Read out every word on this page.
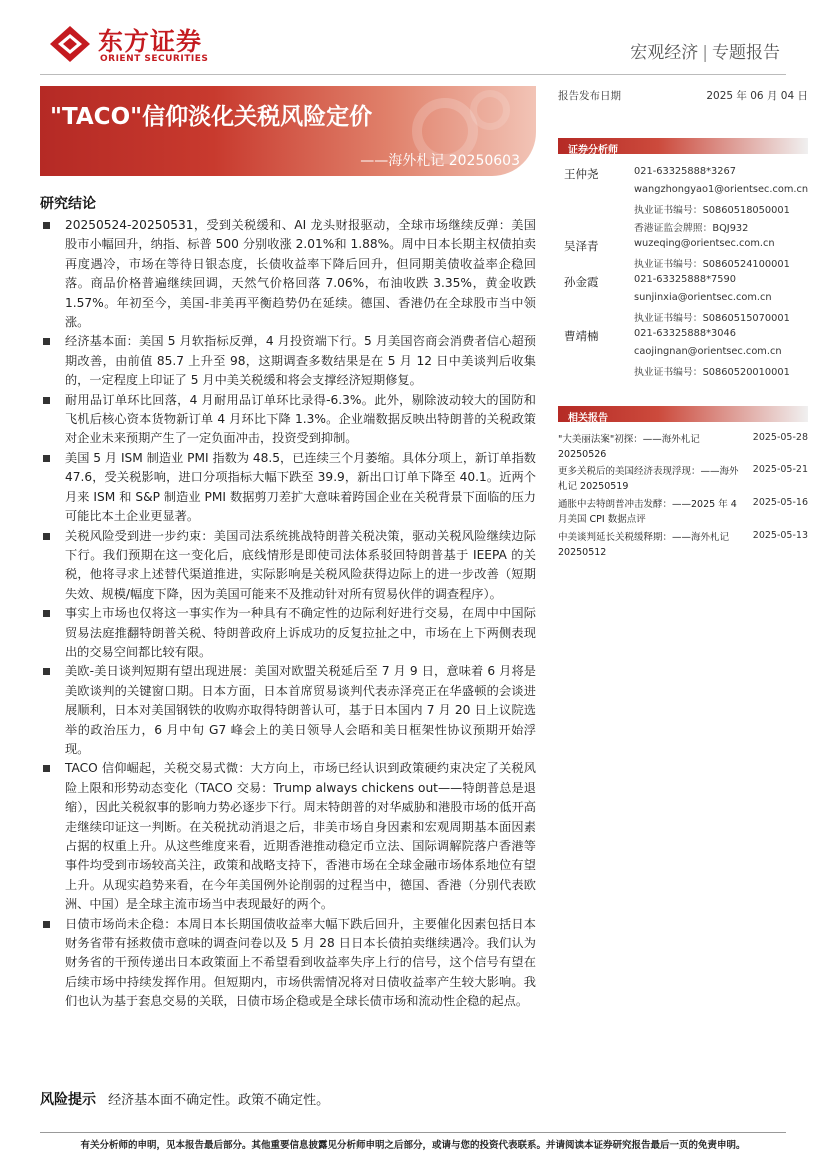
东方证券
ORIENT SECURITIES	宏观经济 | 专题报告
"TACO"信仰淡化关税风险定价
——海外札记 20250603
报告发布日期	2025 年 06 月 04 日
证券分析师
王仲尧	021-63325888*3267
wangzhongyao1@orientsec.com.cn
执业证书编号：S0860518050001
香港证监会牌照：BQJ932
吴泽青	wuzeqing@orientsec.com.cn
执业证书编号：S0860524100001
孙金霞	021-63325888*7590
sunjinxia@orientsec.com.cn
执业证书编号：S0860515070001
曹靖楠	021-63325888*3046
caojingnan@orientsec.com.cn
执业证书编号：S0860520010001
相关报告
"大美丽法案"初探：——海外札记 20250526
2025-05-28
更多关税后的美国经济表现浮现：——海外札记 20250519
2025-05-21
通胀中去特朗普冲击发酵：——2025 年 4 月美国 CPI 数据点评
2025-05-16
中美谈判延长关税缓释期：——海外札记 20250512
2025-05-13
研究结论
20250524-20250531，受到关税缓和、AI 龙头财报驱动，全球市场继续反弹：美国股市小幅回升，纳指、标普 500 分别收涨 2.01%和 1.88%。周中日本长期主权债拍卖再度遇冷，市场在等待日银态度，长债收益率下降后回升，但同期美债收益率企稳回落。商品价格普遍继续回调，天然气价格回落 7.06%，布油收跌 3.35%，黄金收跌 1.57%。年初至今，美国-非美再平衡趋势仍在延续。德国、香港仍在全球股市当中领涨。
经济基本面：美国 5 月软指标反弹，4 月投资端下行。5 月美国咨商会消费者信心超预期改善，由前值 85.7 上升至 98，这期调查多数结果是在 5 月 12 日中美谈判后收集的，一定程度上印证了 5 月中美关税缓和将会支撑经济短期修复。
耐用品订单环比回落，4 月耐用品订单环比录得-6.3%。此外，剔除波动较大的国防和飞机后核心资本货物新订单 4 月环比下降 1.3%。企业端数据反映出特朗普的关税政策对企业未来预期产生了一定负面冲击，投资受到抑制。
美国 5 月 ISM 制造业 PMI 指数为 48.5，已连续三个月萎缩。具体分项上，新订单指数 47.6，受关税影响，进口分项指标大幅下跌至 39.9，新出口订单下降至 40.1。近两个月来 ISM 和 S&P 制造业 PMI 数据剪刀差扩大意味着跨国企业在关税背景下面临的压力可能比本土企业更显著。
关税风险受到进一步约束：美国司法系统挑战特朗普关税决策，驱动关税风险继续边际下行。我们预期在这一变化后，底线情形是即使司法体系驳回特朗普基于 IEEPA 的关税，他将寻求上述替代渠道推进，实际影响是关税风险获得边际上的进一步改善（短期失效、规模/幅度下降，因为美国可能来不及推动针对所有贸易伙伴的调查程序）。
事实上市场也仅将这一事实作为一种具有不确定性的边际利好进行交易，在周中中国际贸易法庭推翻特朗普关税、特朗普政府上诉成功的反复拉扯之中，市场在上下两侧表现出的交易空间都比较有限。
美欧-美日谈判短期有望出现进展：美国对欧盟关税延后至 7 月 9 日，意味着 6 月将是美欧谈判的关键窗口期。日本方面，日本首席贸易谈判代表赤泽亮正在华盛顿的会谈进展顺利，日本对美国钢铁的收购亦取得特朗普认可，基于日本国内 7 月 20 日上议院选举的政治压力，6 月中旬 G7 峰会上的美日领导人会晤和美日框架性协议预期开始浮现。
TACO 信仰崛起，关税交易式微：大方向上，市场已经认识到政策硬约束决定了关税风险上限和形势动态变化（TACO 交易：Trump always chickens out——特朗普总是退缩），因此关税叙事的影响力势必逐步下行。周末特朗普的对华威胁和港股市场的低开高走继续印证这一判断。在关税扰动消退之后，非美市场自身因素和宏观周期基本面因素占据的权重上升。从这些维度来看，近期香港推动稳定币立法、国际调解院落户香港等事件均受到市场较高关注，政策和战略支持下，香港市场在全球金融市场体系地位有望上升。从现实趋势来看，在今年美国例外论削弱的过程当中，德国、香港（分别代表欧洲、中国）是全球主流市场当中表现最好的两个。
日债市场尚未企稳：本周日本长期国债收益率大幅下跌后回升，主要催化因素包括日本财务省带有拯救债市意味的调查问卷以及 5 月 28 日日本长债拍卖继续遇冷。我们认为财务省的干预传递出日本政策面上不希望看到收益率失序上行的信号，这个信号有望在后续市场中持续发挥作用。但短期内，市场供需情况将对日债收益率产生较大影响。我们也认为基于套息交易的关联，日债市场企稳或是全球长债市场和流动性企稳的起点。
风险提示 经济基本面不确定性。政策不确定性。
有关分析师的申明，见本报告最后部分。其他重要信息披露见分析师申明之后部分，或请与您的投资代表联系。并请阅读本证券研究报告最后一页的免责申明。
